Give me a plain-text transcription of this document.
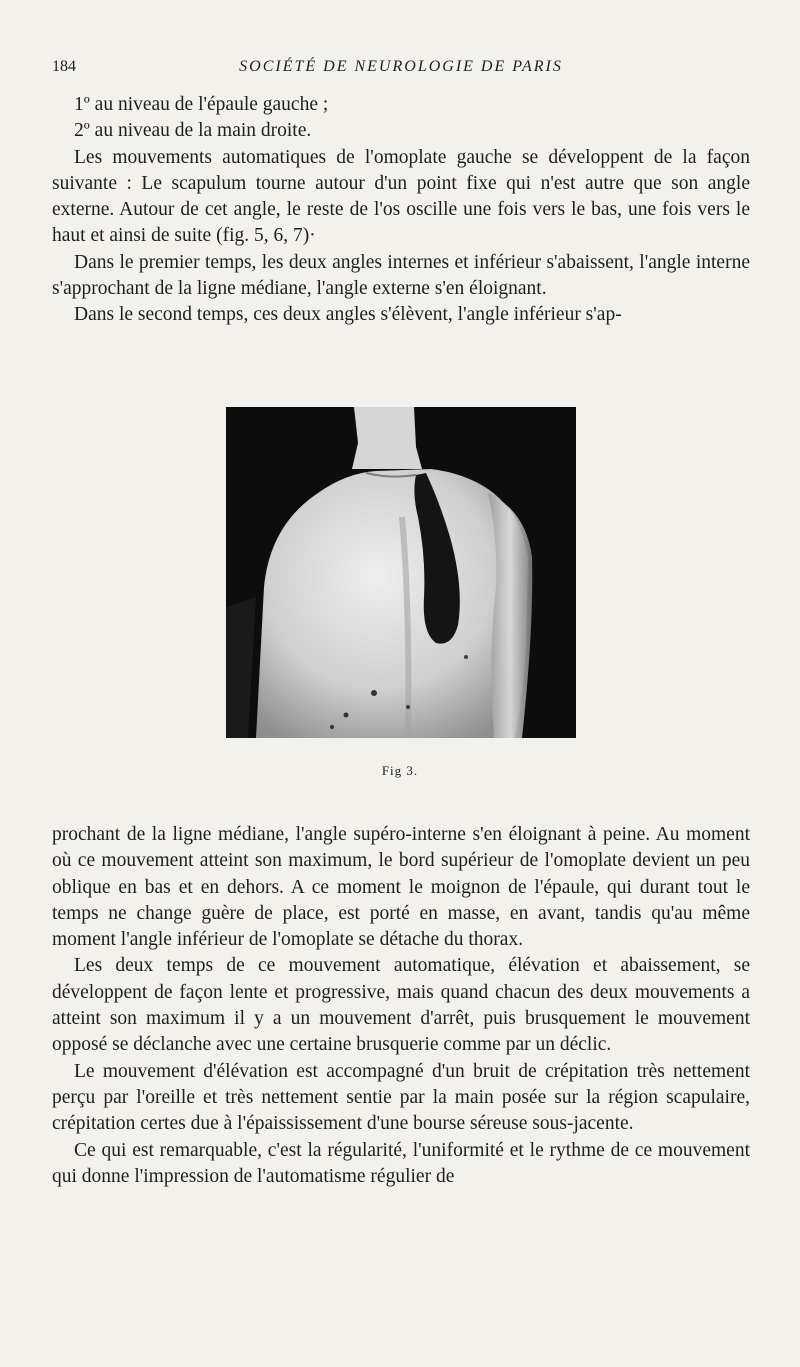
184	SOCIÉTÉ DE NEUROLOGIE DE PARIS

1º au niveau de l'épaule gauche ;

2º au niveau de la main droite.

Les mouvements automatiques de l'omoplate gauche se développent de la façon suivante : Le scapulum tourne autour d'un point fixe qui n'est autre que son angle externe. Autour de cet angle, le reste de l'os oscille une fois vers le bas, une fois vers le haut et ainsi de suite (fig. 5, 6, 7)·

Dans le premier temps, les deux angles internes et inférieur s'abaissent, l'angle interne s'approchant de la ligne médiane, l'angle externe s'en éloignant.

Dans le second temps, ces deux angles s'élèvent, l'angle inférieur s'ap-

Fig 3.

prochant de la ligne médiane, l'angle supéro-interne s'en éloignant à peine. Au moment où ce mouvement atteint son maximum, le bord supérieur de l'omoplate devient un peu oblique en bas et en dehors. A ce moment le moignon de l'épaule, qui durant tout le temps ne change guère de place, est porté en masse, en avant, tandis qu'au même moment l'angle inférieur de l'omoplate se détache du thorax.

Les deux temps de ce mouvement automatique, élévation et abaissement, se développent de façon lente et progressive, mais quand chacun des deux mouvements a atteint son maximum il y a un mouvement d'arrêt, puis brusquement le mouvement opposé se déclanche avec une certaine brusquerie comme par un déclic.

Le mouvement d'élévation est accompagné d'un bruit de crépitation très nettement perçu par l'oreille et très nettement sentie par la main posée sur la région scapulaire, crépitation certes due à l'épaississement d'une bourse séreuse sous-jacente.

Ce qui est remarquable, c'est la régularité, l'uniformité et le rythme de ce mouvement qui donne l'impression de l'automatisme régulier de
